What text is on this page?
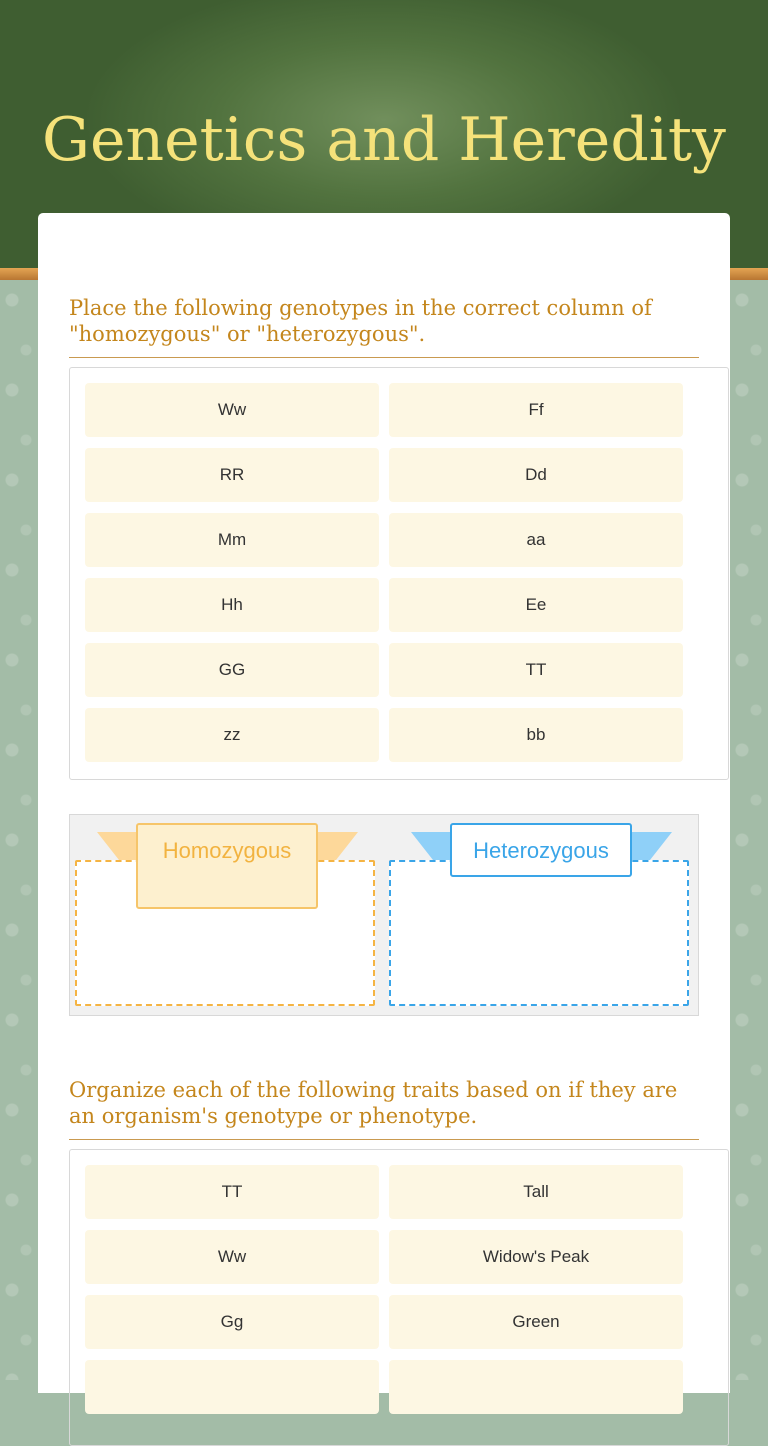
Genetics and Heredity
Place the following genotypes in the correct column of "homozygous" or "heterozygous".
Ww	Ff
RR	Dd
Mm	aa
Hh	Ee
GG	TT
zz	bb
Homozygous	Heterozygous
Organize each of the following traits based on if they are an organism's genotype or phenotype.
TT	Tall
Ww	Widow's Peak
Gg	Green
